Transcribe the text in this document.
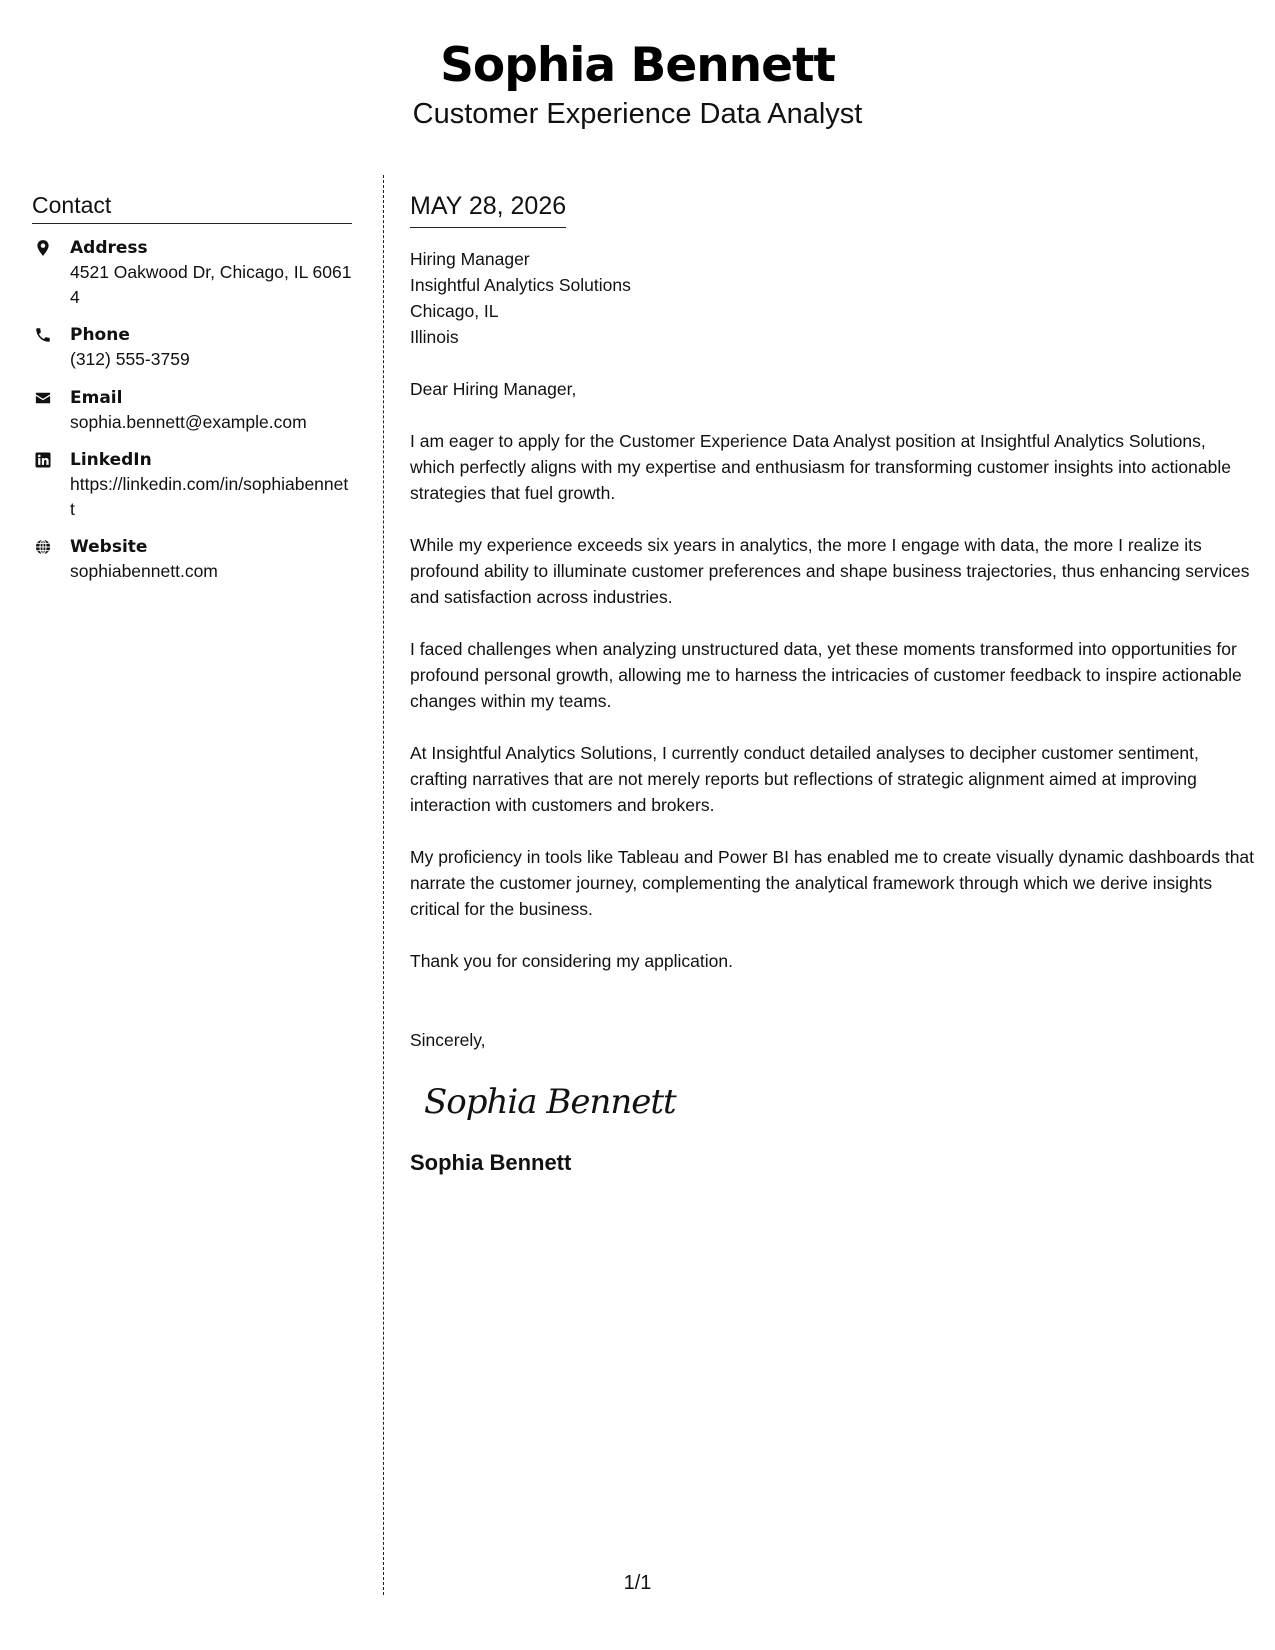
Sophia Bennett
Customer Experience Data Analyst
Contact
Address
4521 Oakwood Dr, Chicago, IL 60614
Phone
(312) 555-3759
Email
sophia.bennett@example.com
LinkedIn
https://linkedin.com/in/sophiabennett
Website
sophiabennett.com
MAY 28, 2026
Hiring Manager
Insightful Analytics Solutions
Chicago, IL
Illinois
Dear Hiring Manager,
I am eager to apply for the Customer Experience Data Analyst position at Insightful Analytics Solutions, which perfectly aligns with my expertise and enthusiasm for transforming customer insights into actionable strategies that fuel growth.
While my experience exceeds six years in analytics, the more I engage with data, the more I realize its profound ability to illuminate customer preferences and shape business trajectories, thus enhancing services and satisfaction across industries.
I faced challenges when analyzing unstructured data, yet these moments transformed into opportunities for profound personal growth, allowing me to harness the intricacies of customer feedback to inspire actionable changes within my teams.
At Insightful Analytics Solutions, I currently conduct detailed analyses to decipher customer sentiment, crafting narratives that are not merely reports but reflections of strategic alignment aimed at improving interaction with customers and brokers.
My proficiency in tools like Tableau and Power BI has enabled me to create visually dynamic dashboards that narrate the customer journey, complementing the analytical framework through which we derive insights critical for the business.
Thank you for considering my application.
Sincerely,
Sophia Bennett
Sophia Bennett
1/1
